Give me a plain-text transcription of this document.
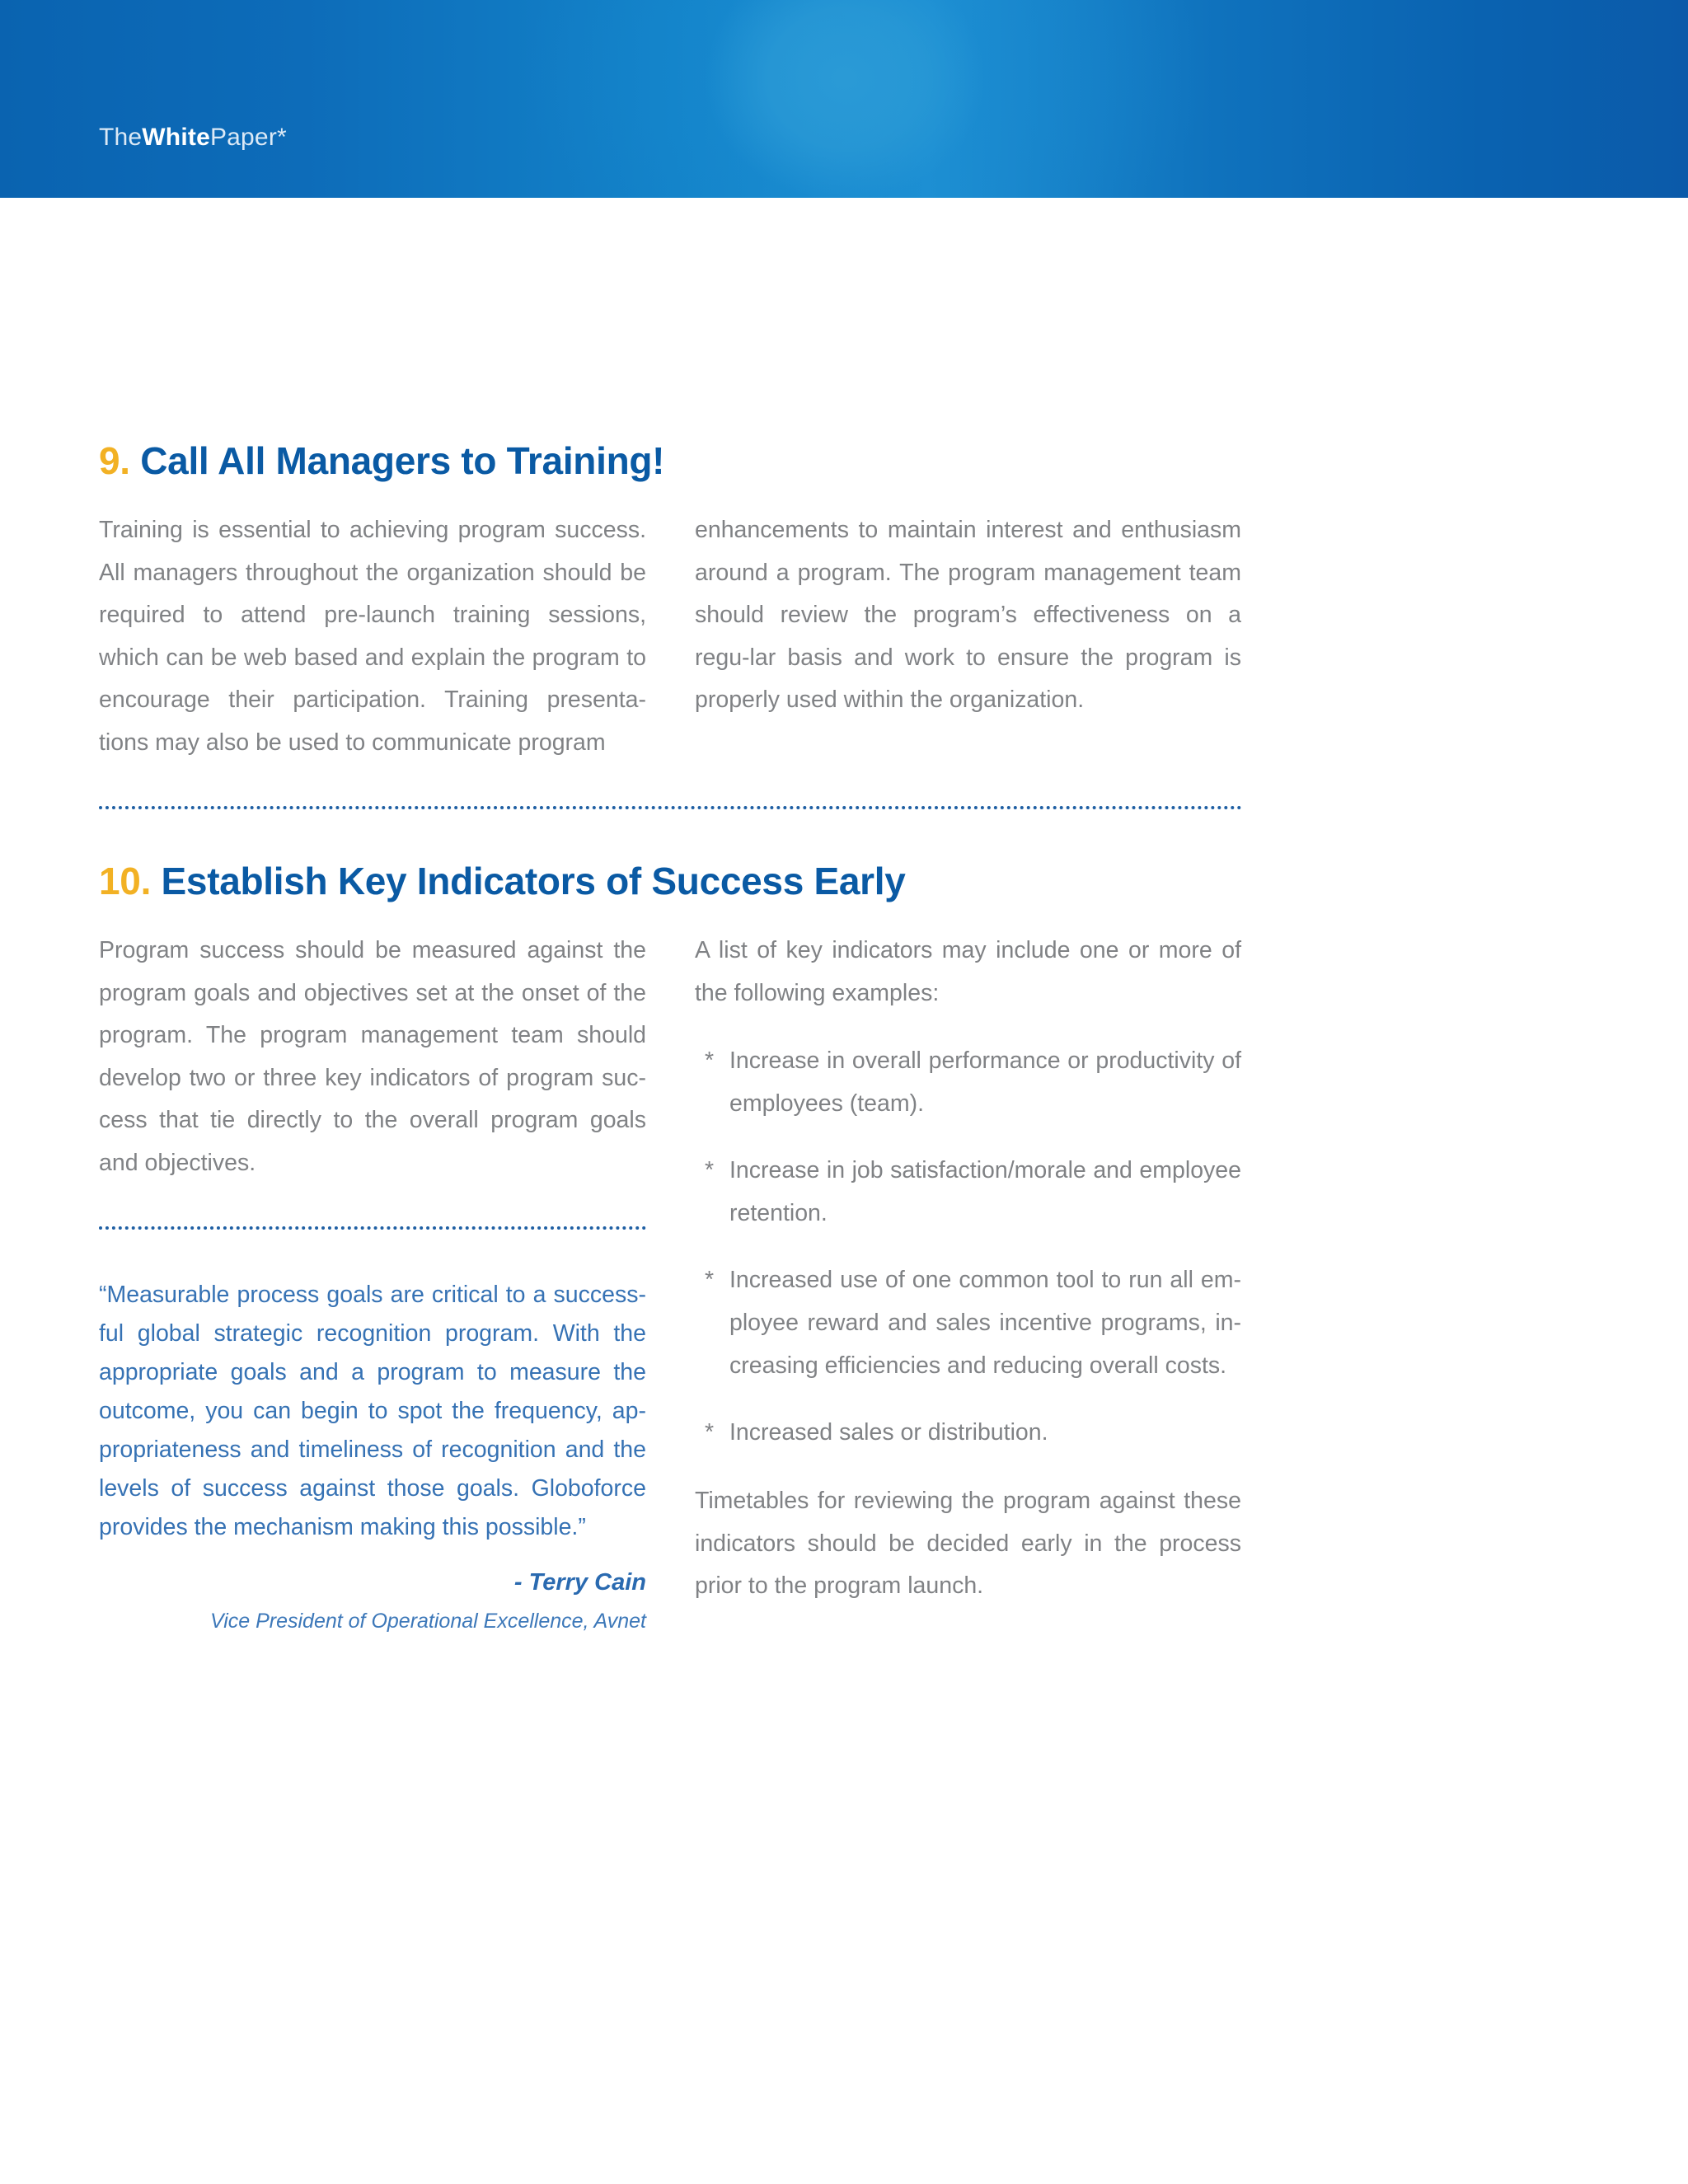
TheWhitePaper*
9. Call All Managers to Training!

Training is essential to achieving program success. All managers throughout the organization should be required to attend pre-launch training sessions, which can be web based and explain the program to encourage their participation. Training presenta-tions may also be used to communicate program

enhancements to maintain interest and enthusiasm around a program. The program management team should review the program’s effectiveness on a regu-lar basis and work to ensure the program is properly used within the organization.

10. Establish Key Indicators of Success Early

Program success should be measured against the program goals and objectives set at the onset of the program. The program management team should develop two or three key indicators of program suc-cess that tie directly to the overall program goals and objectives.

“Measurable process goals are critical to a success-ful global strategic recognition program. With the appropriate goals and a program to measure the outcome, you can begin to spot the frequency, ap-propriateness and timeliness of recognition and the levels of success against those goals. Globoforce provides the mechanism making this possible.”
- Terry Cain
Vice President of Operational Excellence, Avnet

A list of key indicators may include one or more of the following examples:

* Increase in overall performance or productivity of employees (team).
* Increase in job satisfaction/morale and employee retention.
* Increased use of one common tool to run all em-ployee reward and sales incentive programs, in-creasing efficiencies and reducing overall costs.
* Increased sales or distribution.

Timetables for reviewing the program against these indicators should be decided early in the process prior to the program launch.
